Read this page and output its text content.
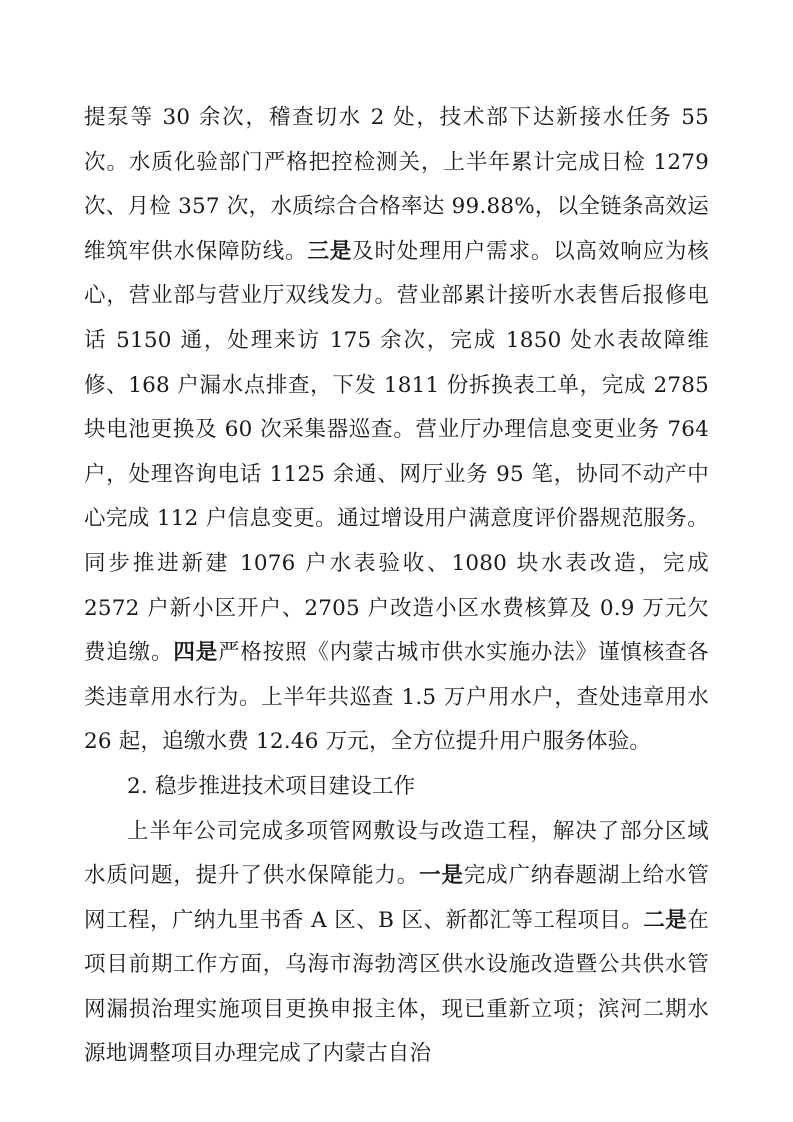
提泵等 30 余次，稽查切水 2 处，技术部下达新接水任务 55 次。水质化验部门严格把控检测关，上半年累计完成日检 1279 次、月检 357 次，水质综合合格率达 99.88%，以全链条高效运维筑牢供水保障防线。三是及时处理用户需求。以高效响应为核心，营业部与营业厅双线发力。营业部累计接听水表售后报修电话 5150 通，处理来访 175 余次，完成 1850 处水表故障维修、168 户漏水点排查，下发 1811 份拆换表工单，完成 2785 块电池更换及 60 次采集器巡查。营业厅办理信息变更业务 764 户，处理咨询电话 1125 余通、网厅业务 95 笔，协同不动产中心完成 112 户信息变更。通过增设用户满意度评价器规范服务。同步推进新建 1076 户水表验收、1080 块水表改造，完成 2572 户新小区开户、2705 户改造小区水费核算及 0.9 万元欠费追缴。四是严格按照《内蒙古城市供水实施办法》谨慎核查各类违章用水行为。上半年共巡查 1.5 万户用水户，查处违章用水 26 起，追缴水费 12.46 万元，全方位提升用户服务体验。

2. 稳步推进技术项目建设工作

上半年公司完成多项管网敷设与改造工程，解决了部分区域水质问题，提升了供水保障能力。一是完成广纳春题湖上给水管网工程，广纳九里书香 A 区、B 区、新都汇等工程项目。二是在项目前期工作方面，乌海市海勃湾区供水设施改造暨公共供水管网漏损治理实施项目更换申报主体，现已重新立项；滨河二期水源地调整项目办理完成了内蒙古自治
